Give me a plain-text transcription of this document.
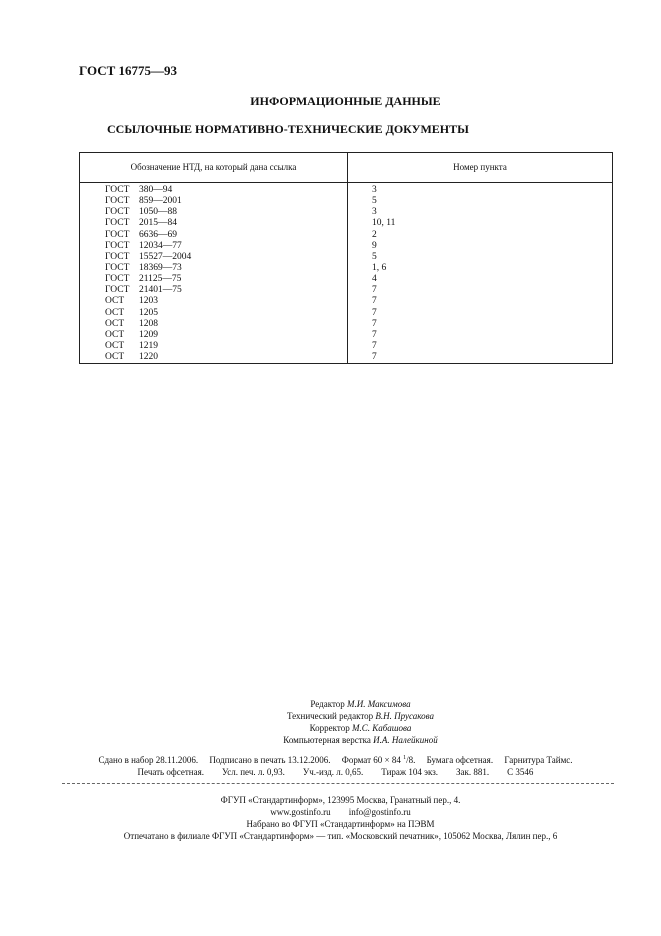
ГОСТ 16775—93
ИНФОРМАЦИОННЫЕ ДАННЫЕ
ССЫЛОЧНЫЕ НОРМАТИВНО-ТЕХНИЧЕСКИЕ ДОКУМЕНТЫ
Обозначение НТД, на который дана ссылка	Номер пункта
ГОСТ 380—94
ГОСТ 859—2001
ГОСТ 1050—88
ГОСТ 2015—84
ГОСТ 6636—69
ГОСТ 12034—77
ГОСТ 15527—2004
ГОСТ 18369—73
ГОСТ 21125—75
ГОСТ 21401—75
ОСТ 1203
ОСТ 1205
ОСТ 1208
ОСТ 1209
ОСТ 1219
ОСТ 1220
3
5
3
10, 11
2
9
5
1, 6
4
7
7
7
7
7
7
7
Редактор М.И. Максимова
Технический редактор В.Н. Прусакова
Корректор М.С. Кабашова
Компьютерная верстка И.А. Налейкиной
Сдано в набор 28.11.2006. Подписано в печать 13.12.2006. Формат 60 × 84 $^1$/8. Бумага офсетная. Гарнитура Таймс.
Печать офсетная. Усл. печ. л. 0,93. Уч.-изд. л. 0,65. Тираж 104 экз. Зак. 881. С 3546
ФГУП «Стандартинформ», 123995 Москва, Гранатный пер., 4.
www.gostinfo.ru info@gostinfo.ru
Набрано во ФГУП «Стандартинформ» на ПЭВМ
Отпечатано в филиале ФГУП «Стандартинформ» — тип. «Московский печатник», 105062 Москва, Лялин пер., 6
